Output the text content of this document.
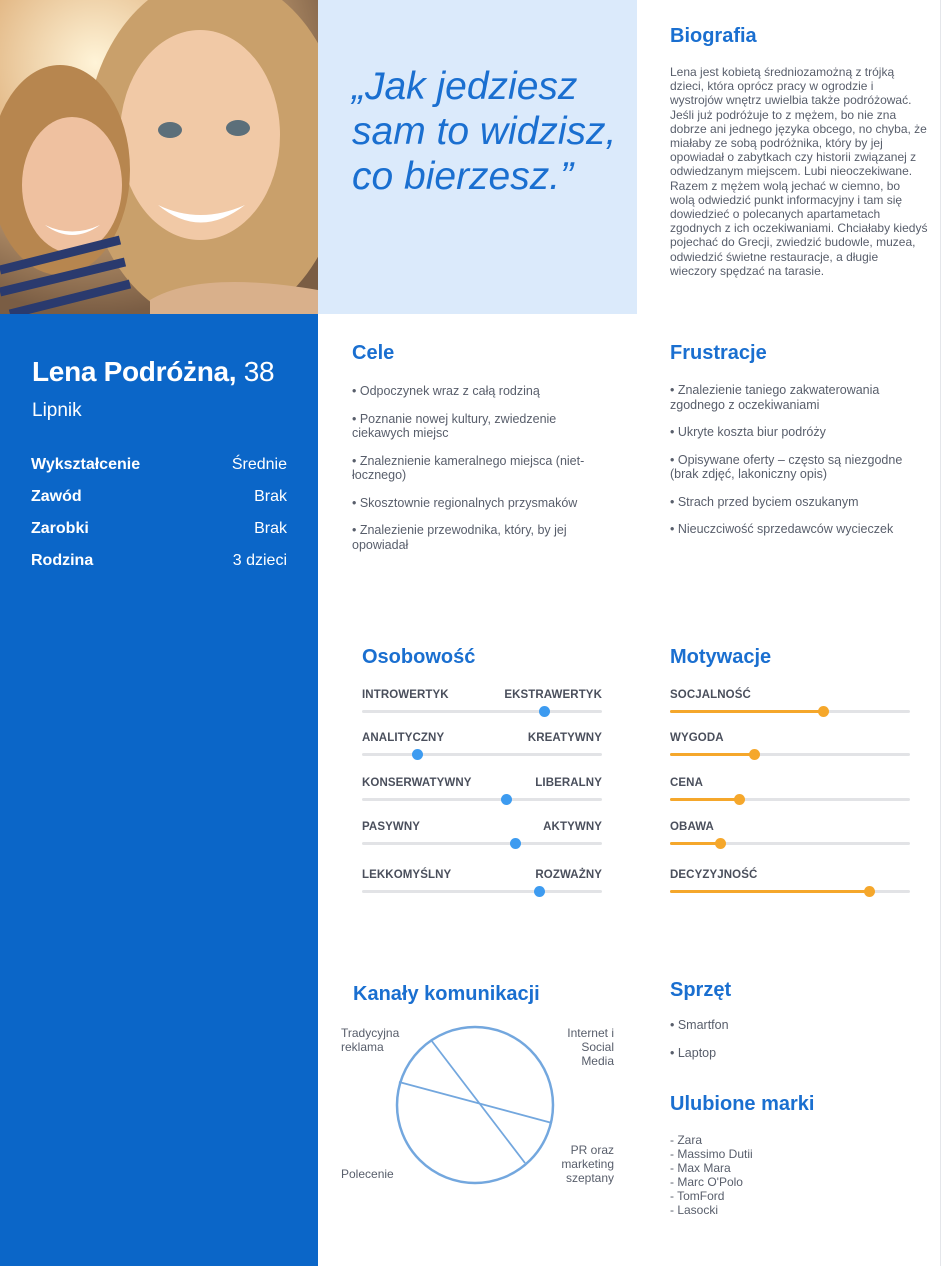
„Jak jedziesz sam to widzisz, co bierzesz.”
Biografia
Lena jest kobietą średniozamożną z trójką dzieci, która oprócz pracy w ogrodzie i wystrojów wnętrz uwielbia także podróżować. Jeśli już podróżuje to z mężem, bo nie zna dobrze ani jednego języka obcego, no chyba, że miałaby ze sobą podróżnika, który by jej opowiadał o zabytkach czy historii związanej z odwiedzanym miejscem. Lubi nieoczekiwane. Razem z mężem wolą jechać w ciemno, bo wolą odwiedzić punkt informacyjny i tam się dowiedzieć o polecanych apartametach zgodnych z ich oczekiwaniami. Chciałaby kiedyś pojechać do Grecji, zwiedzić budowle, muzea, odwiedzić świetne restauracje, a długie wieczory spędzać na tarasie.
Lena Podróżna, 38
Lipnik
Wykształcenie	Średnie
Zawód	Brak
Zarobki	Brak
Rodzina	3 dzieci
Cele
• Odpoczynek wraz z całą rodziną
• Poznanie nowej kultury, zwiedzenie ciekawych miejsc
• Znaleznienie kameralnego miejsca (nietłocznego)
• Skosztownie regionalnych przysmaków
• Znalezienie przewodnika, który, by jej opowiadał
Frustracje
• Znalezienie taniego zakwaterowania zgodnego z oczekiwaniami
• Ukryte koszta biur podróży
• Opisywane oferty – często są niezgodne (brak zdjęć, lakoniczny opis)
• Strach przed byciem oszukanym
• Nieuczciwość sprzedawców wycieczek
Osobowość
INTROWERTYK	EKSTRAWERTYK
ANALITYCZNY	KREATYWNY
KONSERWATYWNY	LIBERALNY
PASYWNY	AKTYWNY
LEKKOMYŚLNY	ROZWAŻNY
Motywacje
SOCJALNOŚĆ
WYGODA
CENA
OBAWA
DECYZYJNOŚĆ
Kanały komunikacji
Tradycyjna reklama
Internet i Social Media
PR oraz marketing szeptany
Polecenie
Sprzęt
• Smartfon
• Laptop
Ulubione marki
- Zara
- Massimo Dutii
- Max Mara
- Marc O'Polo
- TomFord
- Lasocki
